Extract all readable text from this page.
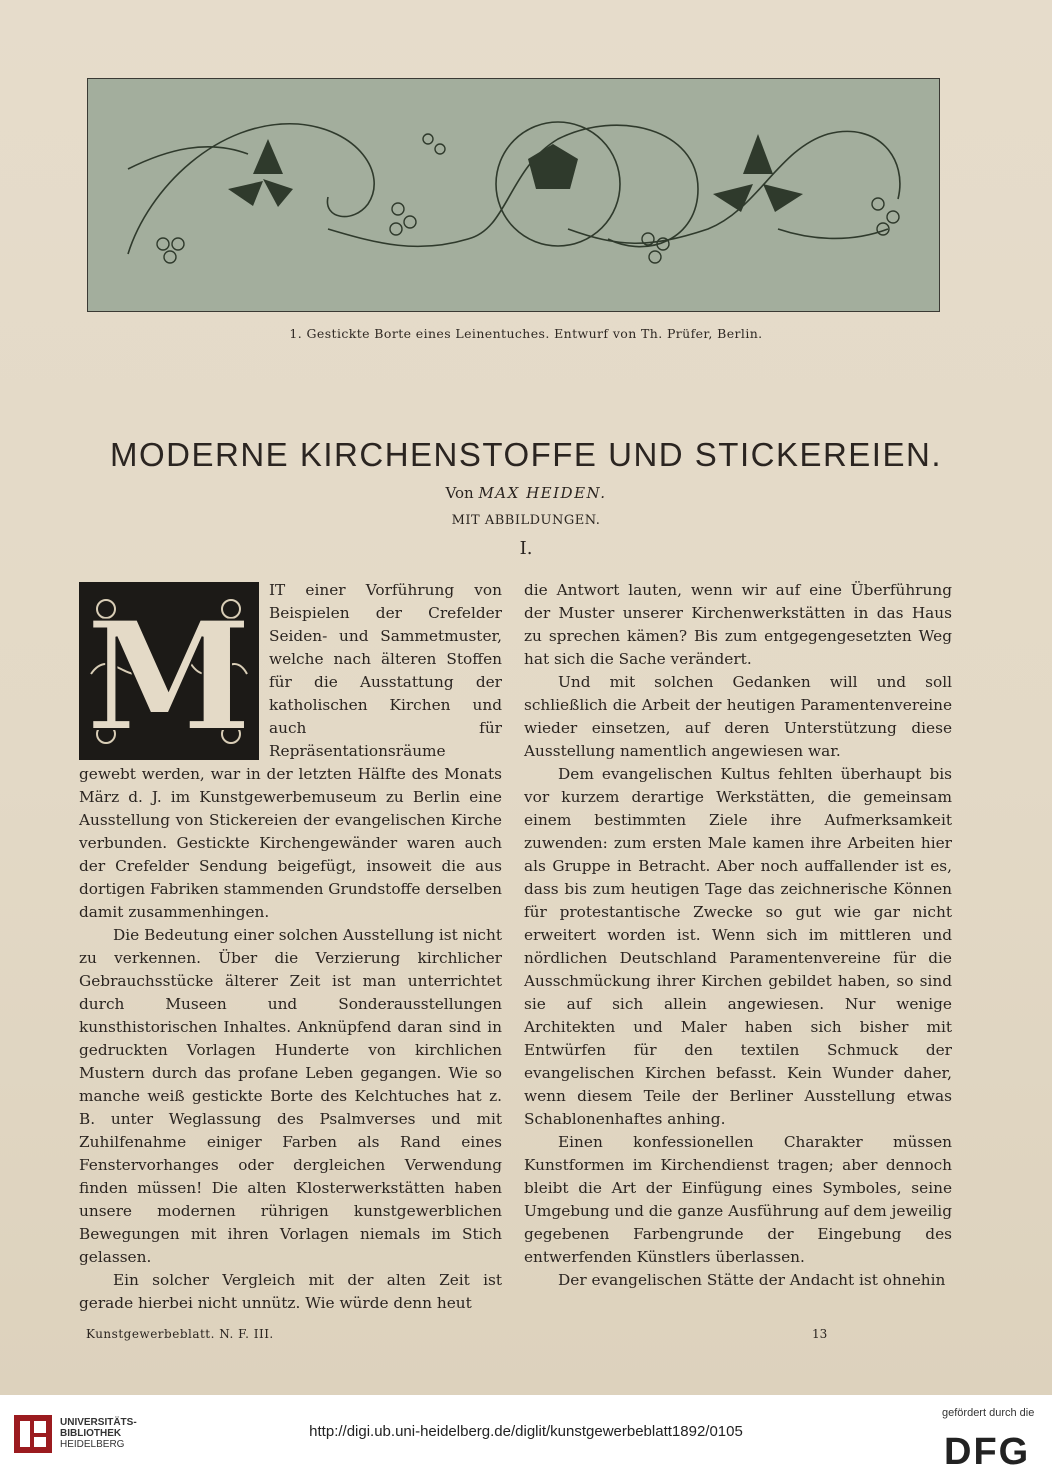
1. Gestickte Borte eines Leinentuches. Entwurf von Th. Prüfer, Berlin.
MODERNE KIRCHENSTOFFE UND STICKEREIEN.
Von MAX HEIDEN.
MIT ABBILDUNGEN.
I.
M	IT einer Vorführung von Beispielen der Crefelder Seiden- und Sammetmuster, welche nach älteren Stoffen für die Ausstattung der katholischen Kirchen und auch für Repräsentationsräume gewebt werden, war in der letzten Hälfte des Monats März d. J. im Kunstgewerbemuseum zu Berlin eine Ausstellung von Stickereien der evangelischen Kirche verbunden. Gestickte Kirchengewänder waren auch der Crefelder Sendung beigefügt, insoweit die aus dortigen Fabriken stammenden Grundstoffe derselben damit zusammenhingen.

Die Bedeutung einer solchen Ausstellung ist nicht zu verkennen. Über die Verzierung kirchlicher Gebrauchsstücke älterer Zeit ist man unterrichtet durch Museen und Sonderausstellungen kunsthistorischen Inhaltes. Anknüpfend daran sind in gedruckten Vorlagen Hunderte von kirchlichen Mustern durch das profane Leben gegangen. Wie so manche weiß gestickte Borte des Kelchtuches hat z. B. unter Weglassung des Psalmverses und mit Zuhilfenahme einiger Farben als Rand eines Fenstervorhanges oder dergleichen Verwendung finden müssen! Die alten Klosterwerkstätten haben unsere modernen rührigen kunstgewerblichen Bewegungen mit ihren Vorlagen niemals im Stich gelassen.

Ein solcher Vergleich mit der alten Zeit ist gerade hierbei nicht unnütz. Wie würde denn heut

die Antwort lauten, wenn wir auf eine Überführung der Muster unserer Kirchenwerkstätten in das Haus zu sprechen kämen? Bis zum entgegengesetzten Weg hat sich die Sache verändert.

Und mit solchen Gedanken will und soll schließlich die Arbeit der heutigen Paramentenvereine wieder einsetzen, auf deren Unterstützung diese Ausstellung namentlich angewiesen war.

Dem evangelischen Kultus fehlten überhaupt bis vor kurzem derartige Werkstätten, die gemeinsam einem bestimmten Ziele ihre Aufmerksamkeit zuwenden: zum ersten Male kamen ihre Arbeiten hier als Gruppe in Betracht. Aber noch auffallender ist es, dass bis zum heutigen Tage das zeichnerische Können für protestantische Zwecke so gut wie gar nicht erweitert worden ist. Wenn sich im mittleren und nördlichen Deutschland Paramentenvereine für die Ausschmückung ihrer Kirchen gebildet haben, so sind sie auf sich allein angewiesen. Nur wenige Architekten und Maler haben sich bisher mit Entwürfen für den textilen Schmuck der evangelischen Kirchen befasst. Kein Wunder daher, wenn diesem Teile der Berliner Ausstellung etwas Schablonenhaftes anhing.

Einen konfessionellen Charakter müssen Kunstformen im Kirchendienst tragen; aber dennoch bleibt die Art der Einfügung eines Symboles, seine Umgebung und die ganze Ausführung auf dem jeweilig gegebenen Farbengrunde der Eingebung des entwerfenden Künstlers überlassen.

Der evangelischen Stätte der Andacht ist ohnehin

Kunstgewerbeblatt. N. F. III.	13
UNIVERSITÄTS-
BIBLIOTHEK
HEIDELBERG
http://digi.ub.uni-heidelberg.de/diglit/kunstgewerbeblatt1892/0105
gefördert durch die
DFG
